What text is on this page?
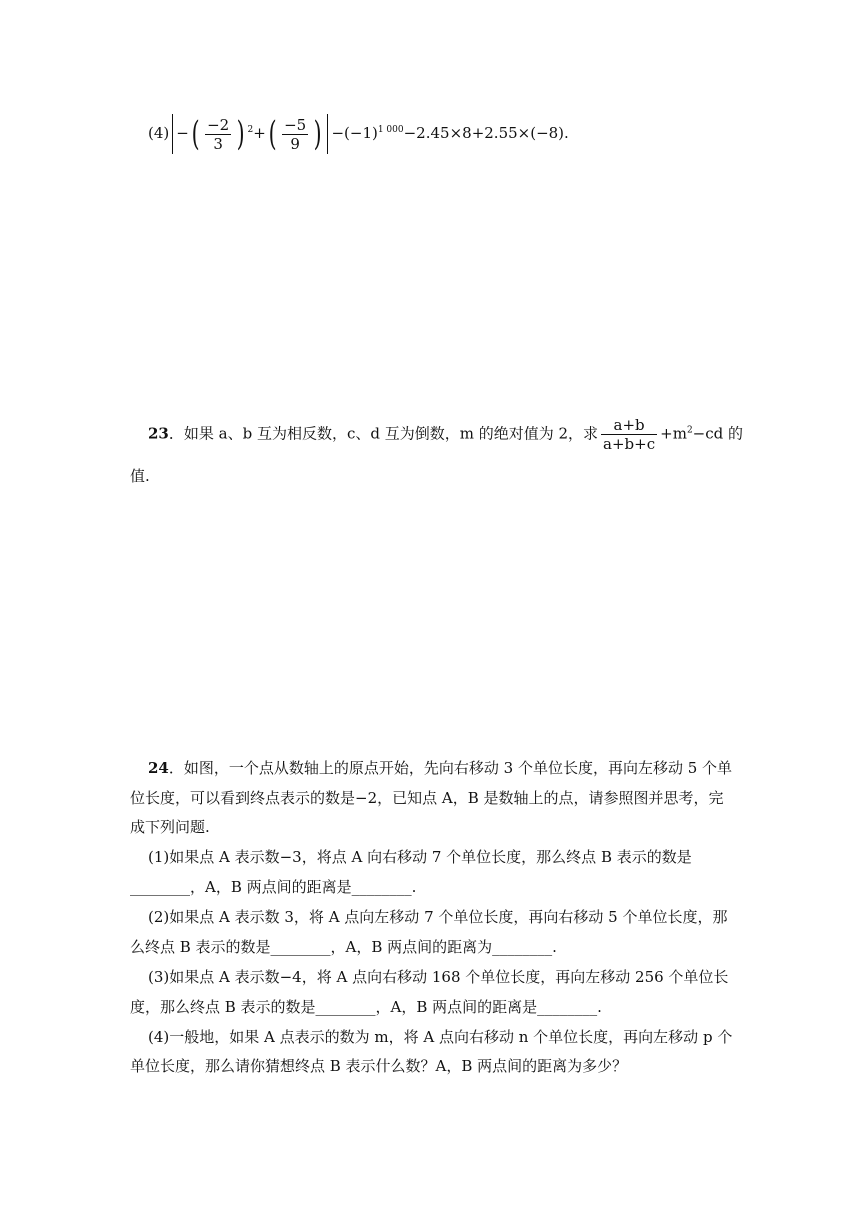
(4) −( $\frac{-2}{3}$ ) $^2+( \frac{-5}{9}$ ) $-(-1)^{1 000}-2.45\times 8+2.55\times(-8)$.
23．如果 a、b 互为相反数，c、d 互为倒数，m 的绝对值为 2，求 $\frac{a+b}{a+b+c} +m^2-cd$ 的
值.
24．如图，一个点从数轴上的原点开始，先向右移动 3 个单位长度，再向左移动 5 个单
位长度，可以看到终点表示的数是−2，已知点 A，B 是数轴上的点，请参照图并思考，完
成下列问题.
(1)如果点 A 表示数−3，将点 A 向右移动 7 个单位长度，那么终点 B 表示的数是
________，A，B 两点间的距离是________.
(2)如果点 A 表示数 3，将 A 点向左移动 7 个单位长度，再向右移动 5 个单位长度，那
么终点 B 表示的数是________，A，B 两点间的距离为________.
(3)如果点 A 表示数−4，将 A 点向右移动 168 个单位长度，再向左移动 256 个单位长
度，那么终点 B 表示的数是________，A，B 两点间的距离是________.
(4)一般地，如果 A 点表示的数为 m，将 A 点向右移动 n 个单位长度，再向左移动 p 个
单位长度，那么请你猜想终点 B 表示什么数？A，B 两点间的距离为多少？
